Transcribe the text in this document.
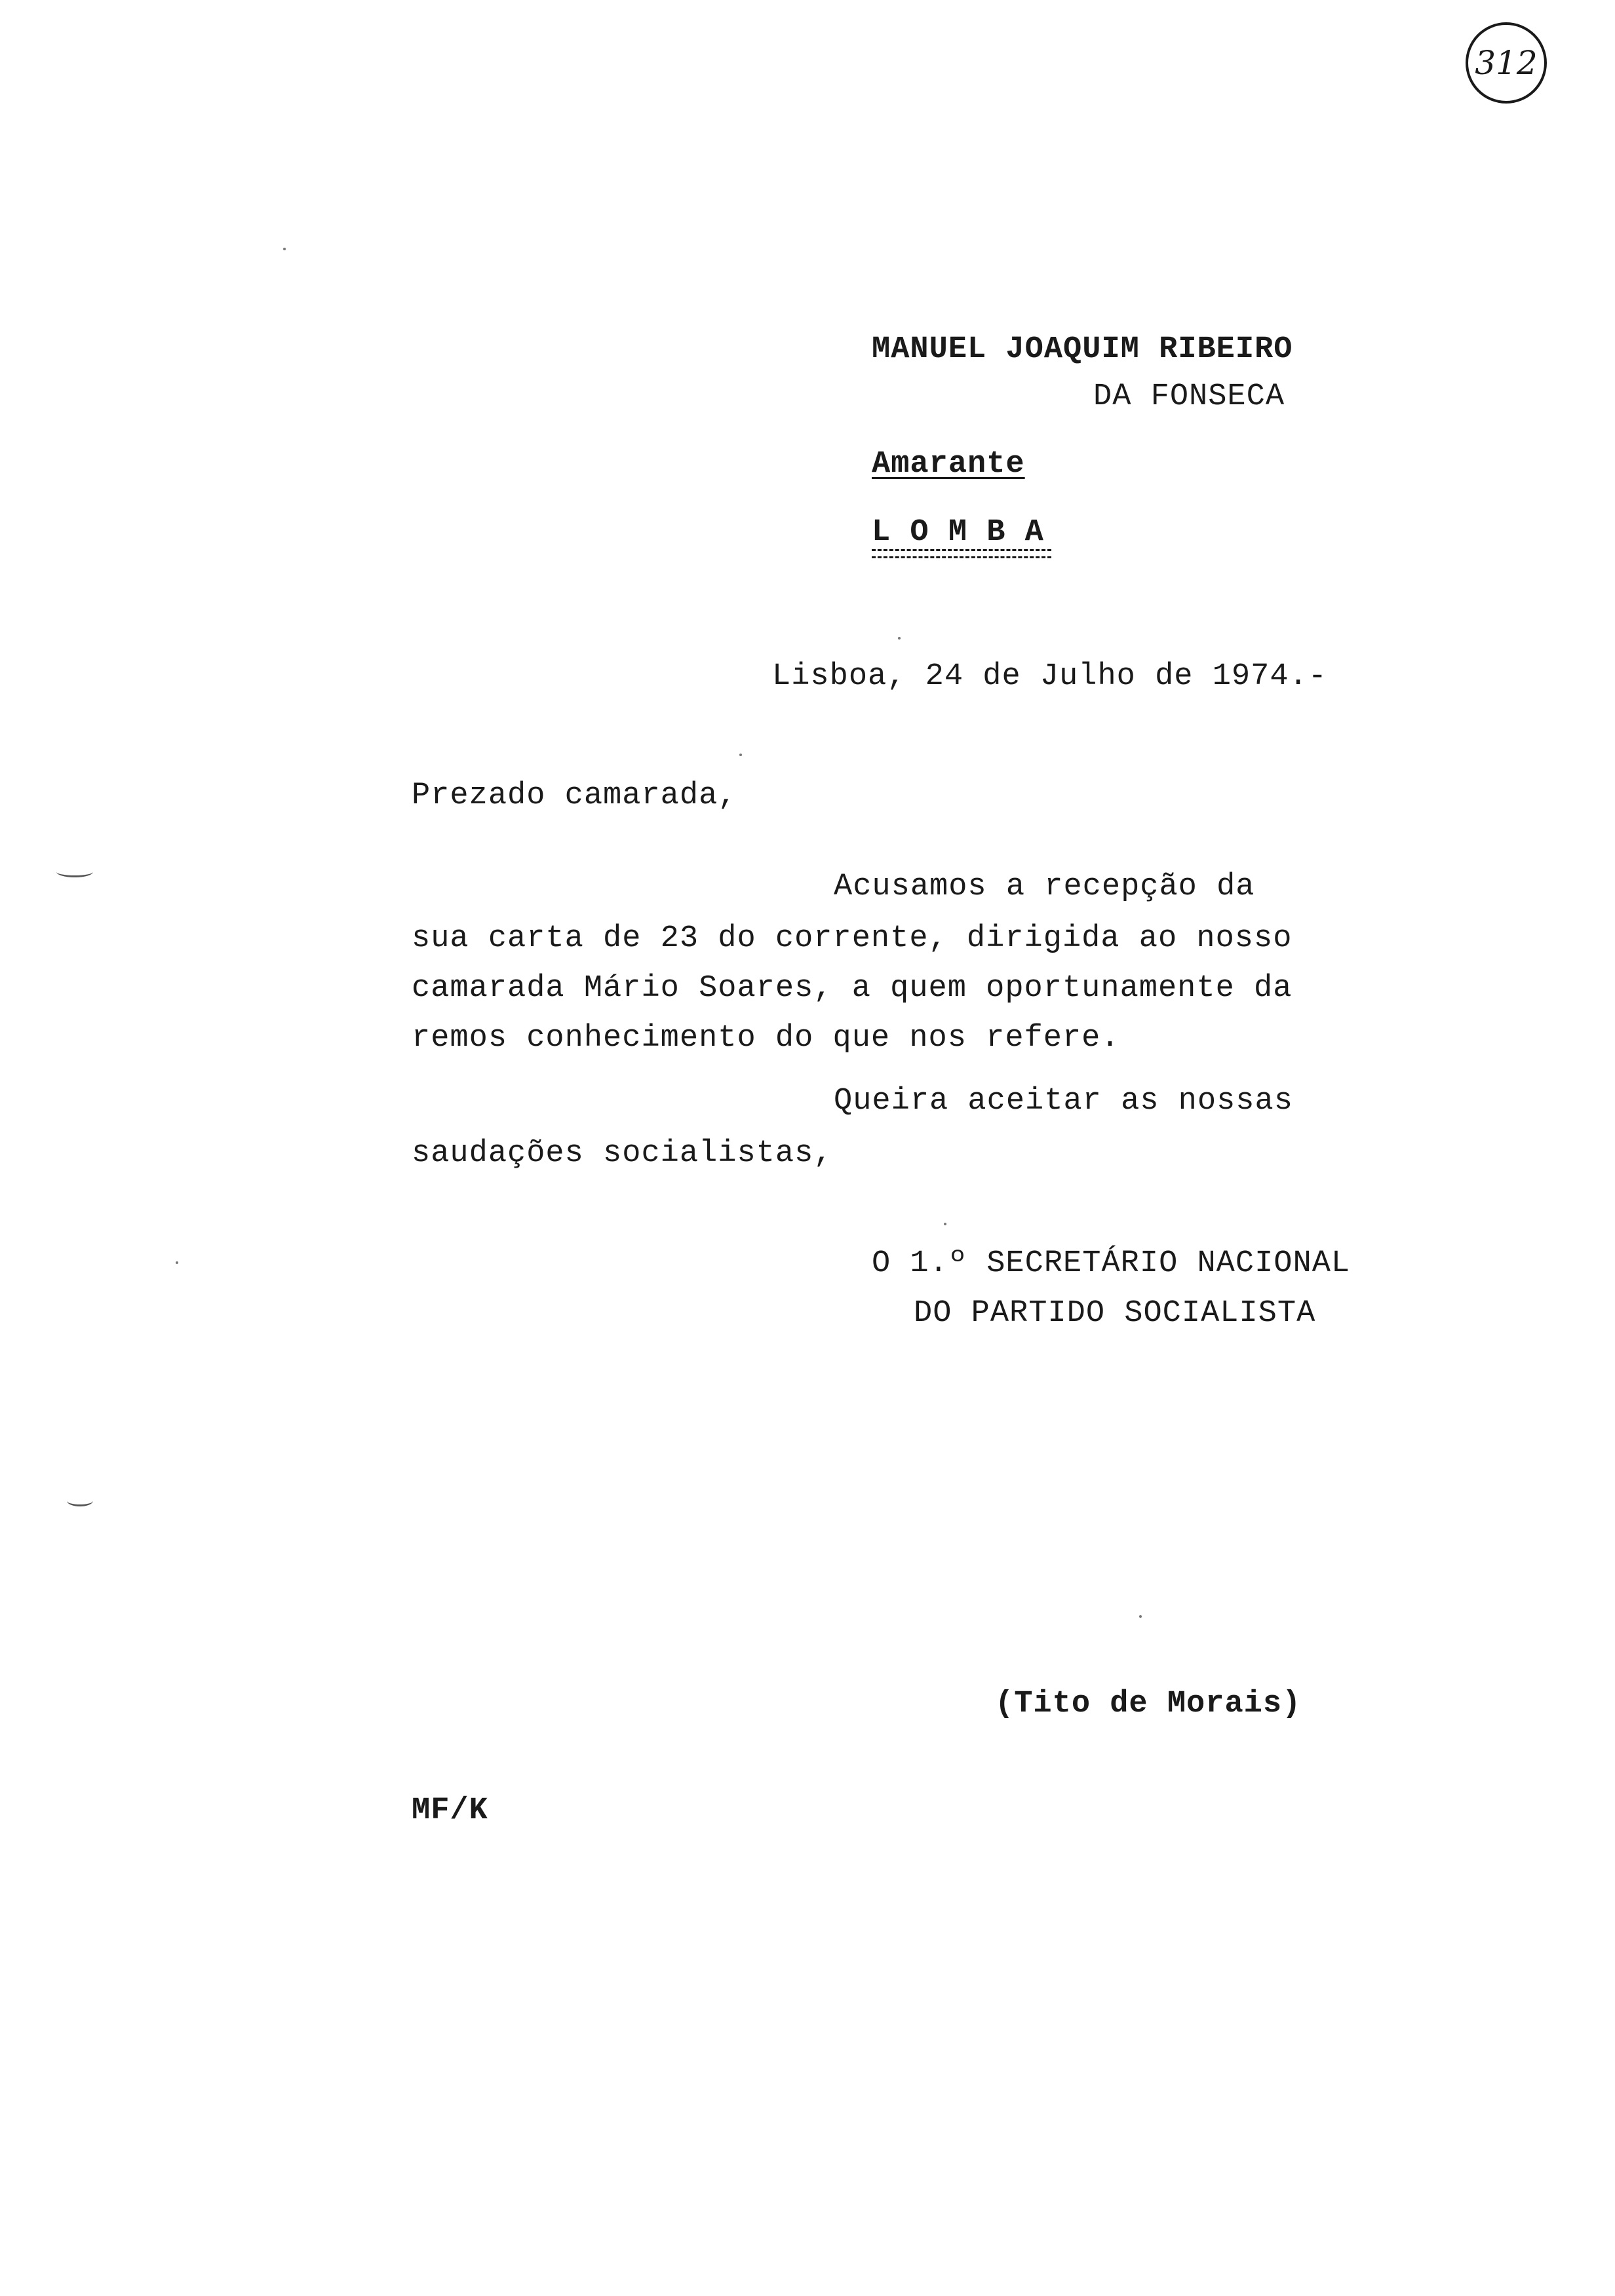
312
MANUEL JOAQUIM RIBEIRO
DA FONSECA
Amarante
L O M B A
Lisboa, 24 de Julho de 1974.-
Prezado camarada,
Acusamos a recepção da
sua carta de 23 do corrente, dirigida ao nosso
camarada Mário Soares, a quem oportunamente da
remos conhecimento do que nos refere.
Queira aceitar as nossas
saudações socialistas,
O 1.º SECRETÁRIO NACIONAL
DO PARTIDO SOCIALISTA
(Tito de Morais)
MF/K
